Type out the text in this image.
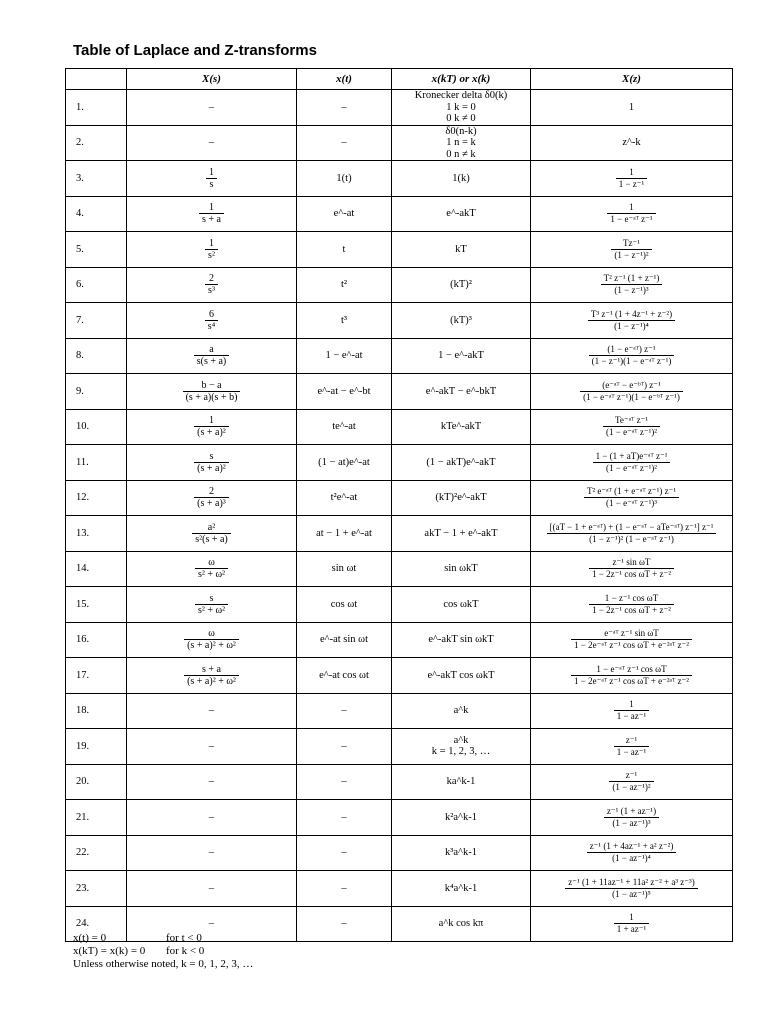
Table of Laplace and Z-transforms
	X(s)	x(t)	x(kT) or x(k)	X(z)
1.	–	–	Kronecker delta δ0(k)
1 k = 0
0 k ≠ 0	1
2.	–	–	δ0(n-k)
1 n = k
0 n ≠ k	z^-k
3.	$\frac{1}{s}$	1(t)	1(k)	$\frac{1}{\text{1 − z⁻¹}}$

4.	$\frac{1}{s + a}$	e^-at	e^-akT	$\frac{1}{\text{1 − e⁻ᵃᵀ z⁻¹}}$

5.	$\frac{1}{\text{s²}}$	t	kT	$\frac{\text{Tz⁻¹}}{\text{(1 − z⁻¹)²}}$

6.	$\frac{2}{\text{s³}}$	t²	(kT)²	$\frac{\text{T² z⁻¹ (1 + z⁻¹)}}{\text{(1 − z⁻¹)³}}$

7.	$\frac{6}{\text{s⁴}}$	t³	(kT)³	$\frac{\text{T³ z⁻¹ (1 + 4z⁻¹ + z⁻²)}}{\text{(1 − z⁻¹)⁴}}$

8.	$\frac{a}{s(s + a)}$	1 − e^-at	1 − e^-akT	$\frac{\text{(1 − e⁻ᵃᵀ) z⁻¹}}{\text{(1 − z⁻¹)(1 − e⁻ᵃᵀ z⁻¹)}}$

9.	$\frac{b - a}{(s + a)(s + b)}$	e^-at − e^-bt	e^-akT − e^-bkT	$\frac{\text{(e⁻ᵃᵀ − e⁻ᵇᵀ) z⁻¹}}{\text{(1 − e⁻ᵃᵀ z⁻¹)(1 − e⁻ᵇᵀ z⁻¹)}}$

10.	$\frac{1}{\text{(s + a)²}}$	te^-at	kTe^-akT	$\frac{\text{Te⁻ᵃᵀ z⁻¹}}{\text{(1 − e⁻ᵃᵀ z⁻¹)²}}$

11.	$\frac{s}{\text{(s + a)²}}$	(1 − at)e^-at	(1 − akT)e^-akT	$\frac{\text{1 − (1 + aT)e⁻ᵃᵀ z⁻¹}}{\text{(1 − e⁻ᵃᵀ z⁻¹)²}}$

12.	$\frac{2}{\text{(s + a)³}}$	t²e^-at	(kT)²e^-akT	$\frac{\text{T² e⁻ᵃᵀ (1 + e⁻ᵃᵀ z⁻¹) z⁻¹}}{\text{(1 − e⁻ᵃᵀ z⁻¹)³}}$

13.	$\frac{\text{a²}}{\text{s²(s + a)}}$	at − 1 + e^-at	akT − 1 + e^-akT	$\frac{\text{[(aT − 1 + e⁻ᵃᵀ) + (1 − e⁻ᵃᵀ − aTe⁻ᵃᵀ) z⁻¹] z⁻¹}}{\text{(1 − z⁻¹)² (1 − e⁻ᵃᵀ z⁻¹)}}$

14.	$\frac{\omega}{\text{s² + ω²}}$	sin ωt	sin ωkT	$\frac{\text{z⁻¹ sin ωT}}{\text{1 − 2z⁻¹ cos ωT + z⁻²}}$

15.	$\frac{s}{\text{s² + ω²}}$	cos ωt	cos ωkT	$\frac{\text{1 − z⁻¹ cos ωT}}{\text{1 − 2z⁻¹ cos ωT + z⁻²}}$

16.	$\frac{\omega}{\text{(s + a)² + ω²}}$	e^-at sin ωt	e^-akT sin ωkT	$\frac{\text{e⁻ᵃᵀ z⁻¹ sin ωT}}{\text{1 − 2e⁻ᵃᵀ z⁻¹ cos ωT + e⁻²ᵃᵀ z⁻²}}$

17.	$\frac{s + a}{\text{(s + a)² + ω²}}$	e^-at cos ωt	e^-akT cos ωkT	$\frac{\text{1 − e⁻ᵃᵀ z⁻¹ cos ωT}}{\text{1 − 2e⁻ᵃᵀ z⁻¹ cos ωT + e⁻²ᵃᵀ z⁻²}}$

18.	–	–	a^k	$\frac{1}{\text{1 − az⁻¹}}$

19.	–	–	a^k
k = 1, 2, 3, …	$\frac{\text{z⁻¹}}{\text{1 − az⁻¹}}$

20.	–	–	ka^k-1	$\frac{\text{z⁻¹}}{\text{(1 − az⁻¹)²}}$

21.	–	–	k²a^k-1	$\frac{\text{z⁻¹ (1 + az⁻¹)}}{\text{(1 − az⁻¹)³}}$

22.	–	–	k³a^k-1	$\frac{\text{z⁻¹ (1 + 4az⁻¹ + a² z⁻²)}}{\text{(1 − az⁻¹)⁴}}$

23.	–	–	k⁴a^k-1	$\frac{\text{z⁻¹ (1 + 11az⁻¹ + 11a² z⁻² + a³ z⁻³)}}{\text{(1 − az⁻¹)⁵}}$

24.	–	–	a^k cos kπ	$\frac{1}{\text{1 + az⁻¹}}$
x(t) = 0	for t < 0
x(kT) = x(k) = 0 for k < 0
Unless otherwise noted, k = 0, 1, 2, 3, …
